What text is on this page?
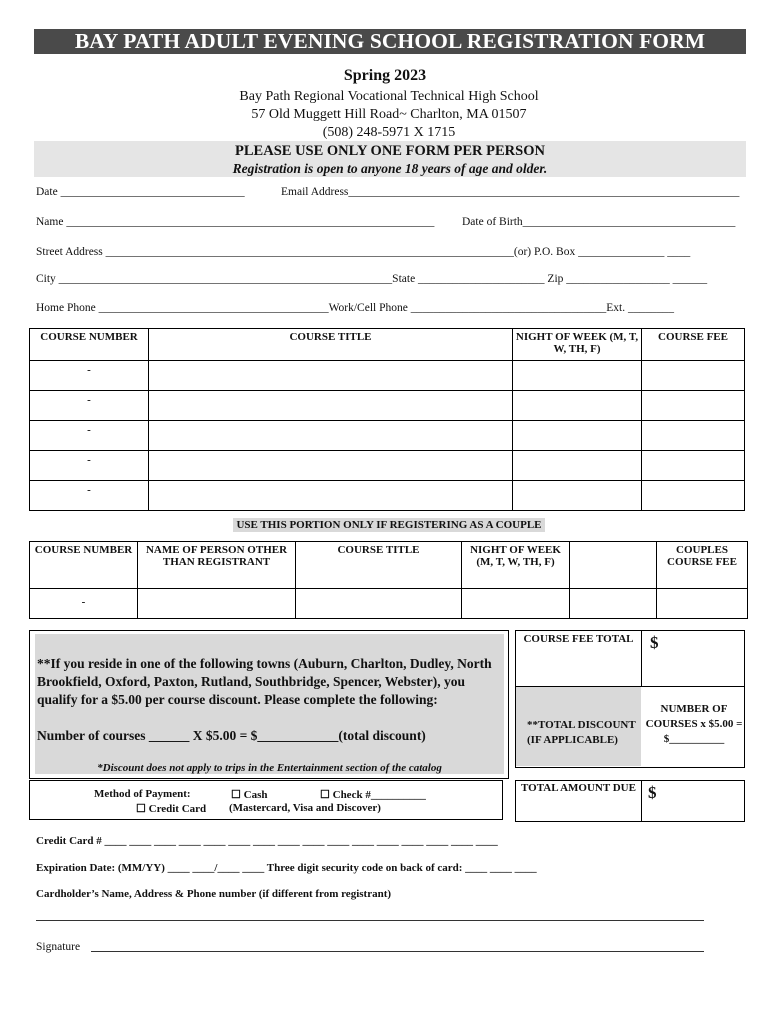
BAY PATH ADULT EVENING SCHOOL REGISTRATION FORM
Spring 2023
Bay Path Regional Vocational Technical High School
57 Old Muggett Hill Road~ Charlton, MA 01507
(508) 248-5971 X 1715
PLEASE USE ONLY ONE FORM PER PERSON
Registration is open to anyone 18 years of age and older.
Date ________________________________	Email Address____________________________________________________________________
Name ________________________________________________________________ Date of Birth_____________________________________
Street Address _______________________________________________________________________(or) P.O. Box _______________ ____
City __________________________________________________________State ______________________ Zip __________________ ______
Home Phone ________________________________________Work/Cell Phone __________________________________Ext. ________
COURSE NUMBER	COURSE TITLE	NIGHT OF WEEK (M, T, W, TH, F)	COURSE FEE
-			
-			
-			
-			
-			
USE THIS PORTION ONLY IF REGISTERING AS A COUPLE
COURSE NUMBER	NAME OF PERSON OTHER THAN REGISTRANT	COURSE TITLE	NIGHT OF WEEK (M, T, W, TH, F)		COUPLES COURSE FEE
-					
**If you reside in one of the following towns (Auburn, Charlton, Dudley, North Brookfield, Oxford, Paxton, Rutland, Southbridge, Spencer, Webster), you qualify for a $5.00 per course discount. Please complete the following:
Number of courses ______ X $5.00 = $____________(total discount)
*Discount does not apply to trips in the Entertainment section of the catalog
COURSE FEE TOTAL $
**TOTAL DISCOUNT (IF APPLICABLE)
NUMBER OF COURSES x $5.00 = $__________
TOTAL AMOUNT DUE $
Method of Payment:	☐ Cash	☐ Check #__________
☐ Credit Card (Mastercard, Visa and Discover)
Credit Card # ____ ____ ____ ____ ____ ____ ____ ____ ____ ____ ____ ____ ____ ____ ____ ____
Expiration Date: (MM/YY) ____ ____/____ ____ Three digit security code on back of card: ____ ____ ____
Cardholder’s Name, Address & Phone number (if different from registrant)
Signature
